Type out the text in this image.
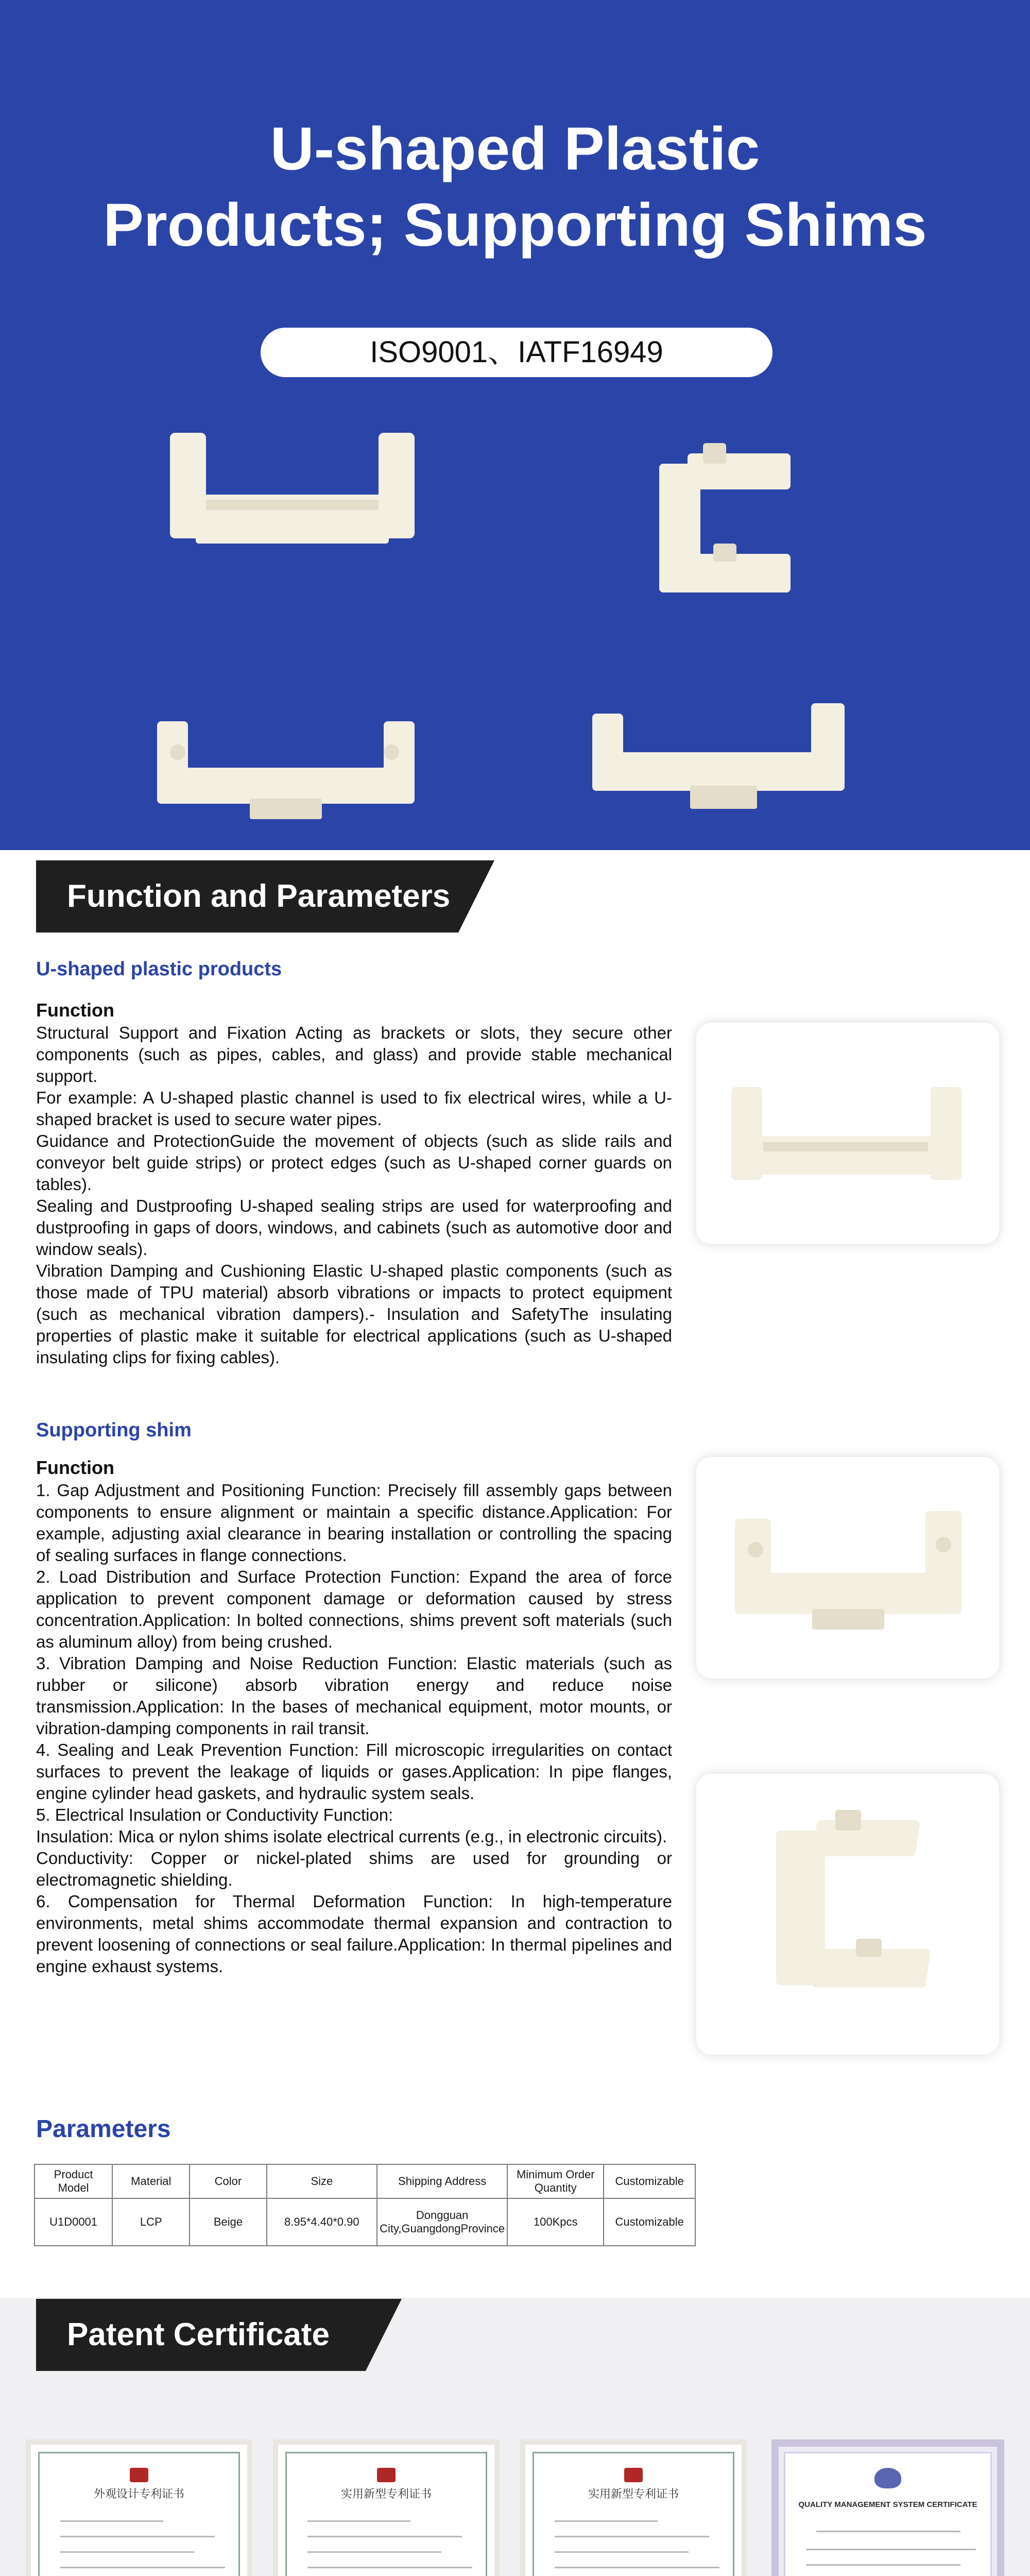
U-shaped Plastic
Products; Supporting Shims
ISO9001、IATF16949
Function and Parameters
U-shaped plastic products
Function

Structural Support and Fixation Acting as brackets or slots, they secure other components (such as pipes, cables, and glass) and provide stable mechanical support.

For example: A U-shaped plastic channel is used to fix electrical wires, while a U-shaped bracket is used to secure water pipes.

Guidance and ProtectionGuide the movement of objects (such as slide rails and conveyor belt guide strips) or protect edges (such as U-shaped corner guards on tables).

Sealing and Dustproofing U-shaped sealing strips are used for waterproofing and dustproofing in gaps of doors, windows, and cabinets (such as automotive door and window seals).

Vibration Damping and Cushioning Elastic U-shaped plastic components (such as those made of TPU material) absorb vibrations or impacts to protect equipment (such as mechanical vibration dampers).- Insulation and SafetyThe insulating properties of plastic make it suitable for electrical applications (such as U-shaped insulating clips for fixing cables).

Supporting shim
Function

1. Gap Adjustment and Positioning Function: Precisely fill assembly gaps between components to ensure alignment or maintain a specific distance.Application: For example, adjusting axial clearance in bearing installation or controlling the spacing of sealing surfaces in flange connections.

2. Load Distribution and Surface Protection Function: Expand the area of force application to prevent component damage or deformation caused by stress concentration.Application: In bolted connections, shims prevent soft materials (such as aluminum alloy) from being crushed.

3. Vibration Damping and Noise Reduction Function: Elastic materials (such as rubber or silicone) absorb vibration energy and reduce noise transmission.Application: In the bases of mechanical equipment, motor mounts, or vibration-damping components in rail transit.

4. Sealing and Leak Prevention Function: Fill microscopic irregularities on contact surfaces to prevent the leakage of liquids or gases.Application: In pipe flanges, engine cylinder head gaskets, and hydraulic system seals.

5. Electrical Insulation or Conductivity Function:

Insulation: Mica or nylon shims isolate electrical currents (e.g., in electronic circuits).

Conductivity: Copper or nickel-plated shims are used for grounding or electromagnetic shielding.

6. Compensation for Thermal Deformation Function: In high-temperature environments, metal shims accommodate thermal expansion and contraction to prevent loosening of connections or seal failure.Application: In thermal pipelines and engine exhaust systems.

Parameters
Product Model	Material	Color	Size	Shipping Address	Minimum Order Quantity	Customizable
U1D0001	LCP	Beige	8.95*4.40*0.90	Dongguan City,GuangdongProvince	100Kpcs	Customizable
Patent Certificate
外观设计专利证书	实用新型专利证书	实用新型专利证书
QUALITY MANAGEMENT SYSTEM CERTIFICATE
